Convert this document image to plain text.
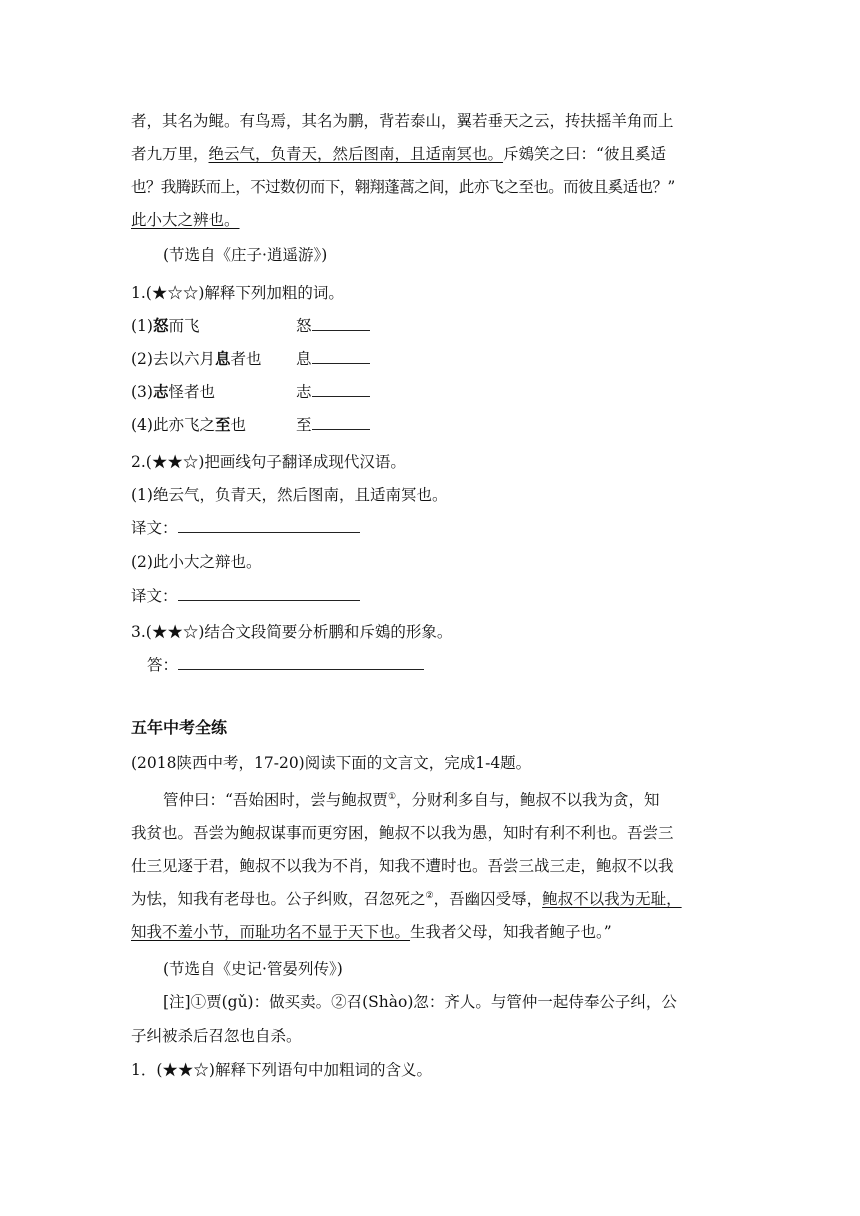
者，其名为鲲。有鸟焉，其名为鹏，背若泰山，翼若垂天之云，抟扶摇羊角而上
者九万里，绝云气，负青天，然后图南，且适南冥也。斥鴳笑之曰：“彼且奚适
也？我腾跃而上，不过数仞而下，翱翔蓬蒿之间，此亦飞之至也。而彼且奚适也？”
此小大之辨也。
(节选自《庄子·逍遥游》)
1.(★☆☆)解释下列加粗的词。
(1)怒而飞	怒
(2)去以六月息者也 息
(3)志怪者也	志
(4)此亦飞之至也	至
2.(★★☆)把画线句子翻译成现代汉语。
(1)绝云气，负青天，然后图南，且适南冥也。
译文：
(2)此小大之辩也。
译文：
3.(★★☆)结合文段简要分析鹏和斥鴳的形象。
答：
五年中考全练
(2018陕西中考，17-20)阅读下面的文言文，完成1-4题。
管仲曰：“吾始困时，尝与鲍叔贾①，分财利多自与，鲍叔不以我为贪，知
我贫也。吾尝为鲍叔谋事而更穷困，鲍叔不以我为愚，知时有利不利也。吾尝三
仕三见逐于君，鲍叔不以我为不肖，知我不遭时也。吾尝三战三走，鲍叔不以我
为怯，知我有老母也。公子纠败，召忽死之②，吾幽囚受辱，鲍叔不以我为无耻，
知我不羞小节，而耻功名不显于天下也。生我者父母，知我者鲍子也。”
(节选自《史记·管晏列传》)
[注]①贾(gǔ)：做买卖。②召(Shào)忽：齐人。与管仲一起侍奉公子纠，公
子纠被杀后召忽也自杀。
1．(★★☆)解释下列语句中加粗词的含义。
